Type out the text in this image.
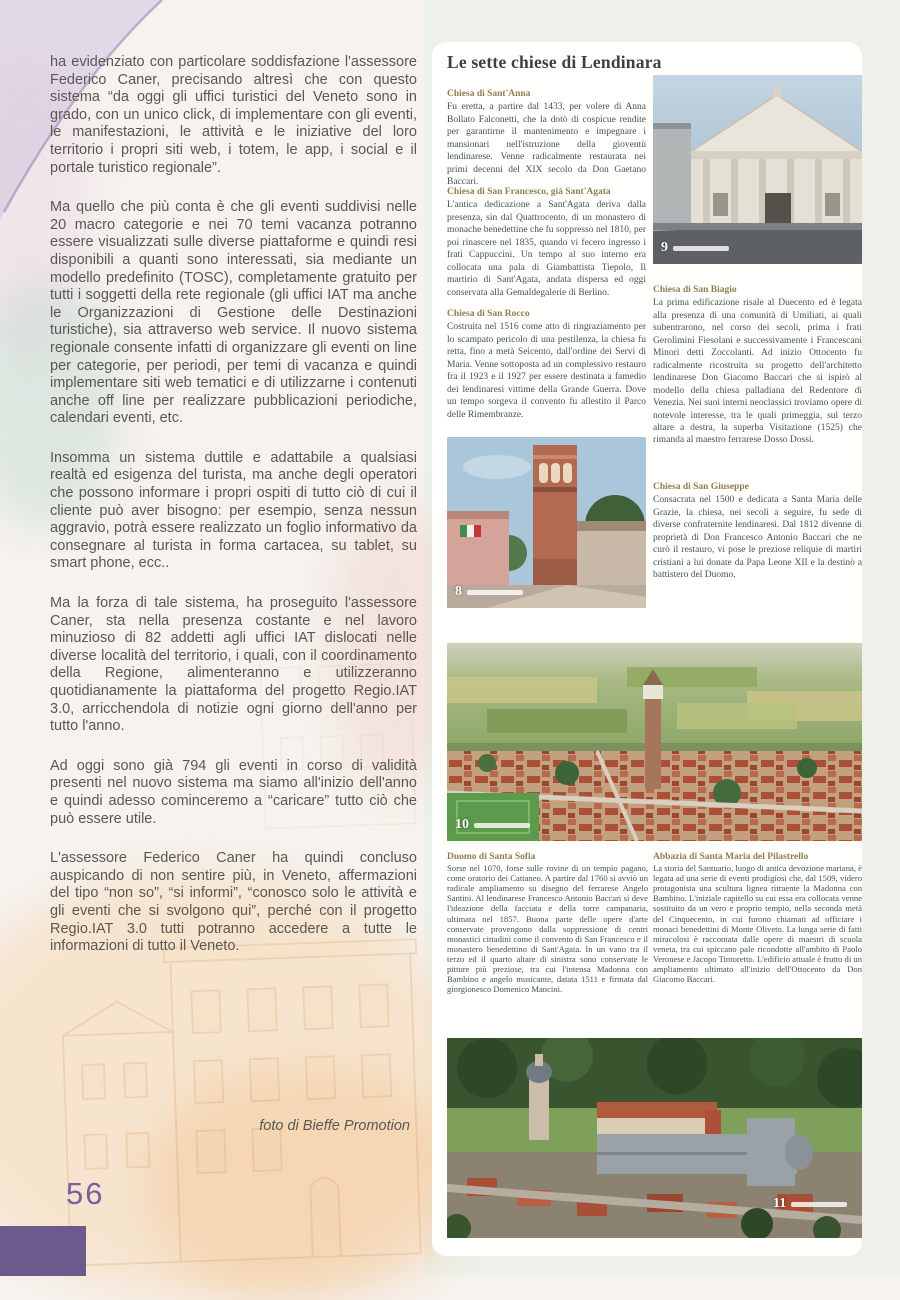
ha evidenziato con particolare soddisfazione l'assessore Federico Caner, precisando altresì che con questo sistema “da oggi gli uffici turistici del Veneto sono in grado, con un unico click, di implementare con gli eventi, le manifestazioni, le attività e le iniziative del loro territorio i propri siti web, i totem, le app, i social e il portale turistico regionale”.

Ma quello che più conta è che gli eventi suddivisi nelle 20 macro categorie e nei 70 temi vacanza potranno essere visualizzati sulle diverse piattaforme e quindi resi disponibili a quanti sono interessati, sia mediante un modello predefinito (TOSC), completamente gratuito per tutti i soggetti della rete regionale (gli uffici IAT ma anche le Organizzazioni di Gestione delle Destinazioni turistiche), sia attraverso web service. Il nuovo sistema regionale consente infatti di organizzare gli eventi on line per categorie, per periodi, per temi di vacanza e quindi implementare siti web tematici e di utilizzarne i contenuti anche off line per realizzare pubblicazioni periodiche, calendari eventi, etc.

Insomma un sistema duttile e adattabile a qualsiasi realtà ed esigenza del turista, ma anche degli operatori che possono informare i propri ospiti di tutto ciò di cui il cliente può aver bisogno: per esempio, senza nessun aggravio, potrà essere realizzato un foglio informativo da consegnare al turista in forma cartacea, su tablet, su smart phone, ecc..

Ma la forza di tale sistema, ha proseguito l'assessore Caner, sta nella presenza costante e nel lavoro minuzioso di 82 addetti agli uffici IAT dislocati nelle diverse località del territorio, i quali, con il coordinamento della Regione, alimenteranno e utilizzeranno quotidianamente la piattaforma del progetto Regio.IAT 3.0, arricchendola di notizie ogni giorno dell'anno per tutto l'anno.

Ad oggi sono già 794 gli eventi in corso di validità presenti nel nuovo sistema ma siamo all'inizio dell'anno e quindi adesso cominceremo a “caricare” tutto ciò che può essere utile.

L'assessore Federico Caner ha quindi concluso auspicando di non sentire più, in Veneto, affermazioni del tipo “non so”, “si informi”, “conosco solo le attività e gli eventi che si svolgono qui”, perché con il progetto Regio.IAT 3.0 tutti potranno accedere a tutte le informazioni di tutto il Veneto.

foto di Bieffe Promotion
56
Le sette chiese di Lendinara
Chiesa di Sant'Anna
Fu eretta, a partire dal 1433, per volere di Anna Bollato Falconetti, che la dotò di cospicue rendite per garantirne il mantenimento e impegnare i mansionari nell'istruzione della gioventù lendinarese. Venne radicalmente restaurata nei primi decenni del XIX secolo da Don Gaetano Baccari.
Chiesa di San Francesco, già Sant'Agata
L'antica dedicazione a Sant'Agata deriva dalla presenza, sin dal Quattrocento, di un monastero di monache benedettine che fu soppresso nel 1810, per poi rinascere nel 1835, quando vi fecero ingresso i frati Cappuccini. Un tempo al suo interno era collocata una pala di Giambattista Tiepolo, Il martirio di Sant'Agata, andata dispersa ed oggi conservata alla Gemaldegalerie di Berlino.
Chiesa di San Rocco
Costruita nel 1516 come atto di ringraziamento per lo scampato pericolo di una pestilenza, la chiesa fu retta, fino a metà Seicento, dall'ordine dei Servi di Maria. Venne sottoposta ad un complessivo restauro fra il 1923 e il 1927 per essere destinata a famedio dei lendinaresi vittime della Grande Guerra. Dove un tempo sorgeva il convento fu allestito il Parco delle Rimembranze.
Chiesa di San Biagio
La prima edificazione risale al Duecento ed è legata alla presenza di una comunità di Umiliati, ai quali subentrarono, nel corso dei secoli, prima i frati Gerolimini Fiesolani e successivamente i Francescani Minori detti Zoccolanti. Ad inizio Ottocento fu radicalmente ricostruita su progetto dell'architetto lendinarese Don Giacomo Baccari che si ispirò al modello della chiesa palladiana del Redentore di Venezia. Nei suoi interni neoclassici troviamo opere di notevole interesse, tra le quali primeggia, sul terzo altare a destra, la superba Visitazione (1525) che rimanda al maestro ferrarese Dosso Dossi.
Chiesa di San Giuseppe
Consacrata nel 1500 e dedicata a Santa Maria delle Grazie, la chiesa, nei secoli a seguire, fu sede di diverse confraternite lendinaresi. Dal 1812 divenne di proprietà di Don Francesco Antonio Baccari che ne curò il restauro, vi pose le preziose reliquie di martiri cristiani a lui donate da Papa Leone XII e la destinò a battistero del Duomo.
9
8
10
Duomo di Santa Sofia
Sorse nel 1070, forse sulle rovine di un tempio pagano, come oratorio dei Cattaneo. A partire dal 1760 si avviò un radicale ampliamento su disegno del ferrarese Angelo Santini. Al lendinarese Francesco Antonio Baccari si deve l'ideazione della facciata e della torre campanaria, ultimata nel 1857. Buona parte delle opere d'arte conservate provengono dalla soppressione di centri monastici cittadini come il convento di San Francesco e il monastero benedettino di Sant'Agata. In un vano tra il terzo ed il quarto altare di sinistra sono conservate le pitture più preziose, tra cui l'intensa Madonna con Bambino e angelo musicante, datata 1511 e firmata dal giorgionesco Domenico Mancini.
Abbazia di Santa Maria del Pilastrello
La storia del Santuario, luogo di antica devozione mariana, è legata ad una serie di eventi prodigiosi che, dal 1509, videro protagonista una scultura lignea ritraente la Madonna con Bambino. L'iniziale capitello su cui essa era collocata venne sostituito da un vero e proprio tempio, nella seconda metà del Cinquecento, in cui furono chiamati ad officiare i monaci benedettini di Monte Oliveto. La lunga serie di fatti miracolosi è raccontata dalle opere di maestri di scuola veneta, tra cui spiccano pale ricondotte all'ambito di Paolo Veronese e Jacopo Tintoretto. L'edificio attuale è frutto di un ampliamento ultimato all'inizio dell'Ottocento da Don Giacomo Baccari.
11
